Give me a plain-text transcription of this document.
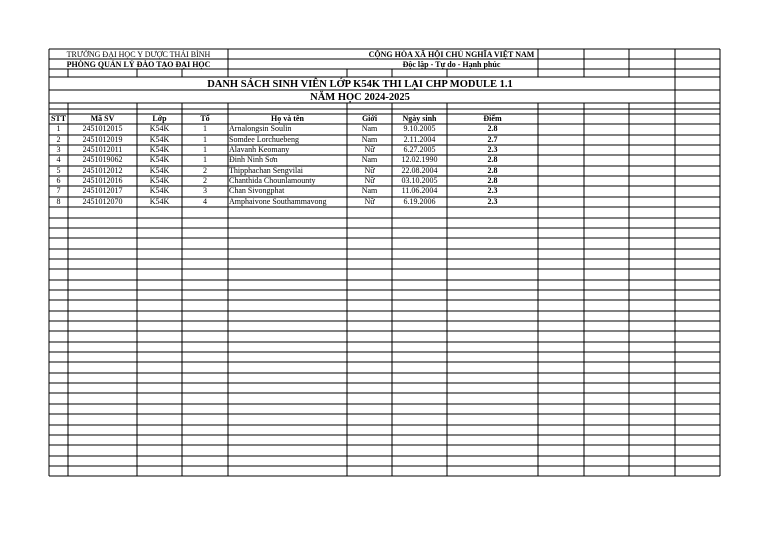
TRƯỜNG ĐẠI HỌC Y DƯỢC THÁI BÌNH
PHÒNG QUẢN LÝ ĐÀO TẠO ĐẠI HỌC
CỘNG HÒA XÃ HỘI CHỦ NGHĨA VIỆT NAM
Độc lập - Tự do - Hạnh phúc
DANH SÁCH SINH VIÊN LỚP K54K THI LẠI CHP MODULE 1.1
NĂM HỌC 2024-2025
STT	Mã SV	Lớp	Tổ	Họ và tên	Giới	Ngày sinh	Điểm
1	2451012015	K54K	1	Arnalongsin Soulin	Nam	9.10.2005	2.8
2	2451012019	K54K	1	Somdee Lorchuebeng	Nam	2.11.2004	2.7
3	2451012011	K54K	1	Alavanh Keomany	Nữ	6.27.2005	2.3
4	2451019062	K54K	1	Đinh Ninh Sơn	Nam	12.02.1990	2.8
5	2451012012	K54K	2	Thipphachan Sengvilai	Nữ	22.08.2004	2.8
6	2451012016	K54K	2	Chanthida Chounlamounty	Nữ	03.10.2005	2.8
7	2451012017	K54K	3	Chan Sivongphat	Nam	11.06.2004	2.3
8	2451012070	K54K	4	Amphaivone Southammavong	Nữ	6.19.2006	2.3
